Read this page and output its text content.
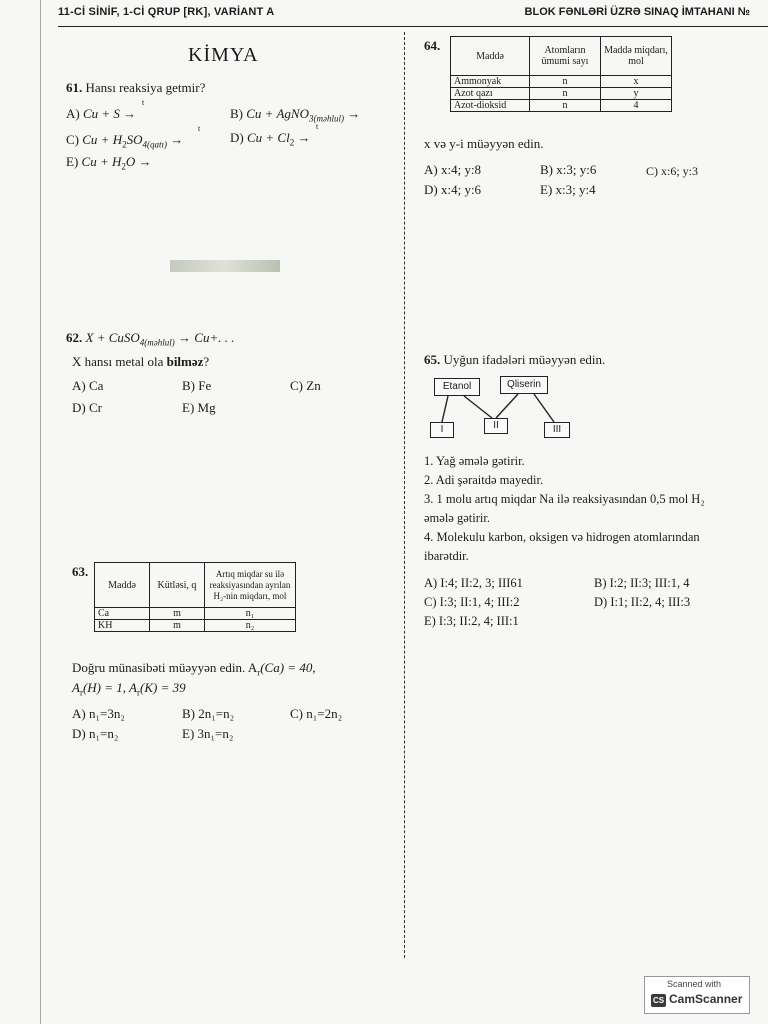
11-Cİ SİNİF, 1-Cİ QRUP [RK], VARİANT A	BLOK FƏNLƏRİ ÜZRƏ SINAQ İMTAHANI №
KİMYA
61. Hansı reaksiya getmir?
A) Cu + S →
t
B) Cu + AgNO$_{3(məhlul)}$ →
C) $Cu + H_2SO_{4(qatı)}$ →
t
D) $Cu + Cl_2$ →
t
E) $Cu + H_2O$ →
62. X + CuSO$_{4(məhlul)}$ → Cu+. . .
X hansı metal ola bilməz?
A) Ca	B) Fe	C) Zn
D) Cr	E) Mg
63.
Maddə	Kütləsi, q	Artıq miqdar su ilə reaksiyasından ayrılan H₂-nin miqdarı, mol
Ca	m	n₁
KH	m	n₂
Doğru münasibəti müəyyən edin. $A_r(Ca) = 40$,
$A_r(H) = 1$, $A_r(K) = 39$
A) n₁=3n₂	B) 2n₁=n₂	C) n₁=2n₂
D) n₁=n₂	E) 3n₁=n₂
64.
Maddə	Atomların ümumi sayı	Maddə miqdarı, mol
Ammonyak	n	x
Azot qazı	n	y
Azot-dioksid	n	4
x və y-i müəyyən edin.
A) x:4; y:8	B) x:3; y:6	C) x:6; y:3
D) x:4; y:6	E) x:3; y:4
65. Uyğun ifadələri müəyyən edin.
Etanol	Qliserin
I	II	III
1. Yağ əmələ gətirir.
2. Adi şəraitdə mayedir.
3. 1 molu artıq miqdar Na ilə reaksiyasından 0,5 mol H₂
əmələ gətirir.
4. Molekulu karbon, oksigen və hidrogen atomlarından
ibarətdir.
A) I:4; II:2, 3; III61	B) I:2; II:3; III:1, 4
C) I:3; II:1, 4; III:2	D) I:1; II:2, 4; III:3
E) I:3; II:2, 4; III:1
Scanned with
CS CamScanner
